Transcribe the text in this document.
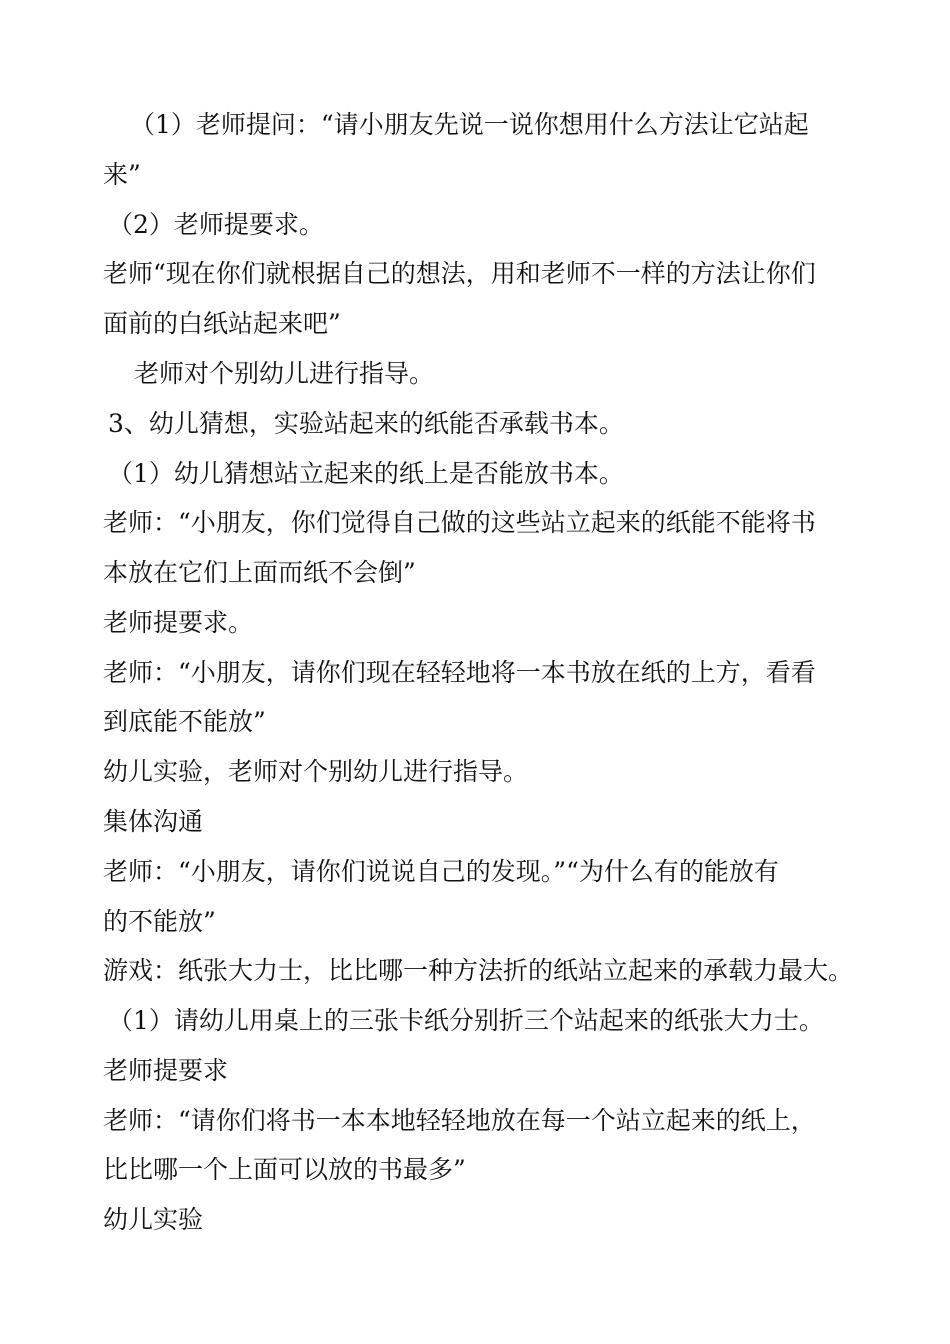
（1）老师提问：“请小朋友先说一说你想用什么方法让它站起
来”
（2）老师提要求。
老师“现在你们就根据自己的想法，用和老师不一样的方法让你们
面前的白纸站起来吧”
老师对个别幼儿进行指导。
3、幼儿猜想，实验站起来的纸能否承载书本。
（1）幼儿猜想站立起来的纸上是否能放书本。
老师：“小朋友，你们觉得自己做的这些站立起来的纸能不能将书
本放在它们上面而纸不会倒”
老师提要求。
老师：“小朋友，请你们现在轻轻地将一本书放在纸的上方，看看
到底能不能放”
幼儿实验，老师对个别幼儿进行指导。
集体沟通
老师：“小朋友，请你们说说自己的发现。”“为什么有的能放有
的不能放”
游戏：纸张大力士，比比哪一种方法折的纸站立起来的承载力最大。
（1）请幼儿用桌上的三张卡纸分别折三个站起来的纸张大力士。
老师提要求
老师：“请你们将书一本本地轻轻地放在每一个站立起来的纸上，
比比哪一个上面可以放的书最多”
幼儿实验
